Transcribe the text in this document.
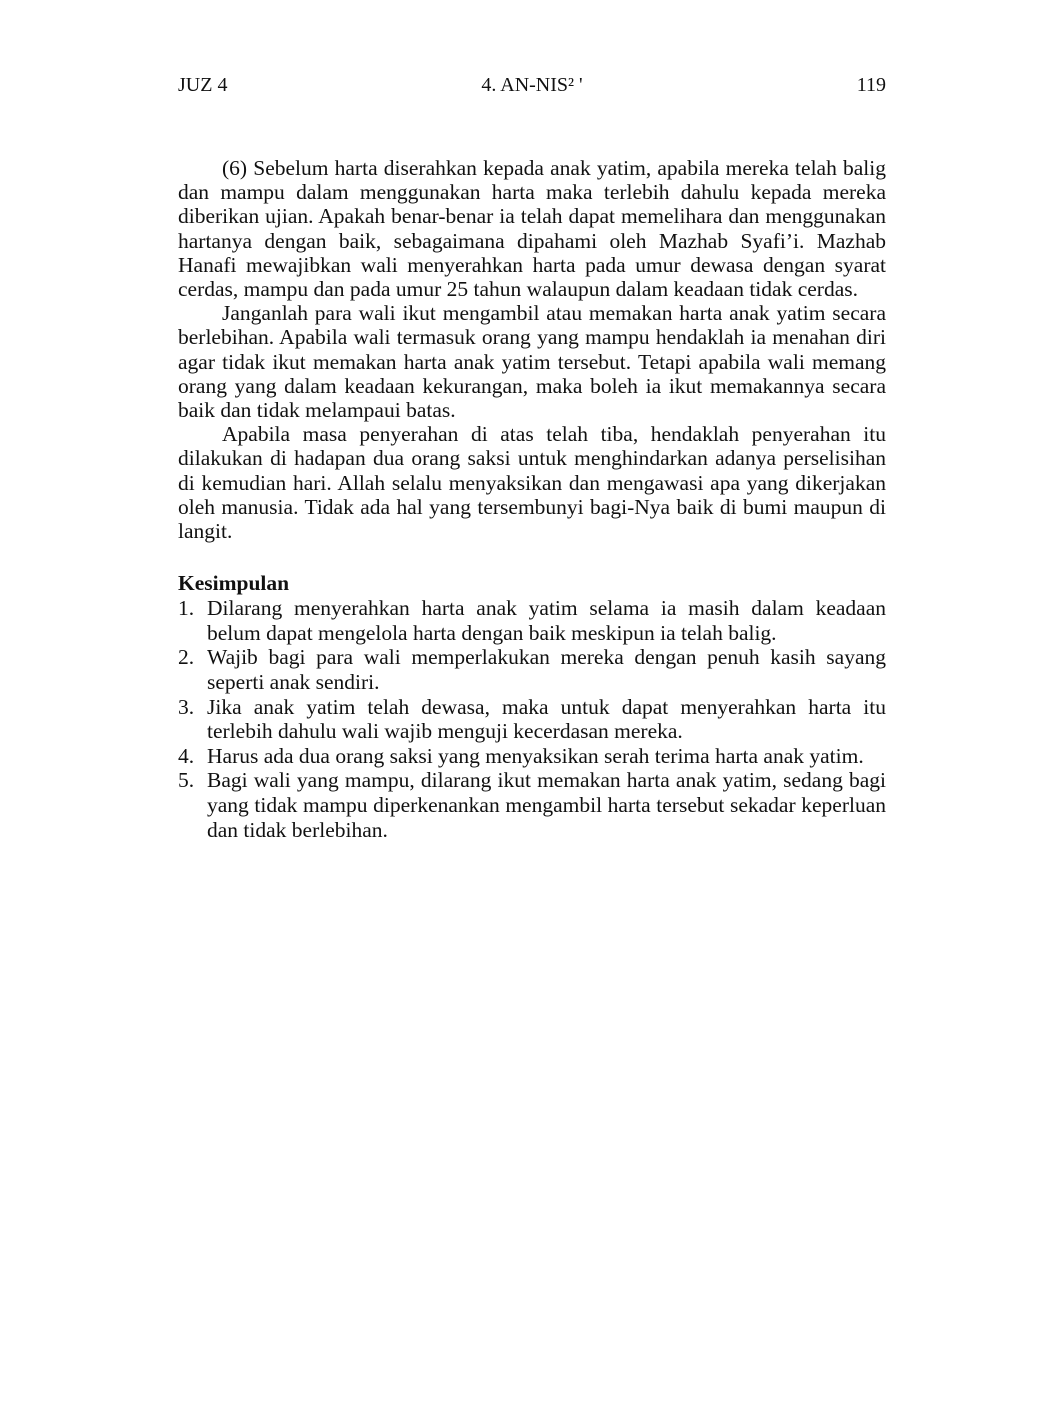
JUZ 4	4. AN-NIS² '	119

(6) Sebelum harta diserahkan kepada anak yatim, apabila mereka telah balig dan mampu dalam menggunakan harta maka terlebih dahulu kepada mereka diberikan ujian. Apakah benar-benar ia telah dapat memelihara dan menggunakan hartanya dengan baik, sebagaimana dipahami oleh Mazhab Syafi’i. Mazhab Hanafi mewajibkan wali menyerahkan harta pada umur dewasa dengan syarat cerdas, mampu dan pada umur 25 tahun walaupun dalam keadaan tidak cerdas.

Janganlah para wali ikut mengambil atau memakan harta anak yatim secara berlebihan. Apabila wali termasuk orang yang mampu hendaklah ia menahan diri agar tidak ikut memakan harta anak yatim tersebut. Tetapi apabila wali memang orang yang dalam keadaan kekurangan, maka boleh ia ikut memakannya secara baik dan tidak melampaui batas.

Apabila masa penyerahan di atas telah tiba, hendaklah penyerahan itu dilakukan di hadapan dua orang saksi untuk menghindarkan adanya perselisihan di kemudian hari. Allah selalu menyaksikan dan mengawasi apa yang dikerjakan oleh manusia. Tidak ada hal yang tersembunyi bagi-Nya baik di bumi maupun di langit.

Kesimpulan
1. Dilarang menyerahkan harta anak yatim selama ia masih dalam keadaan belum dapat mengelola harta dengan baik meskipun ia telah balig.
2. Wajib bagi para wali memperlakukan mereka dengan penuh kasih sayang seperti anak sendiri.
3. Jika anak yatim telah dewasa, maka untuk dapat menyerahkan harta itu terlebih dahulu wali wajib menguji kecerdasan mereka.
4. Harus ada dua orang saksi yang menyaksikan serah terima harta anak yatim.
5. Bagi wali yang mampu, dilarang ikut memakan harta anak yatim, sedang bagi yang tidak mampu diperkenankan mengambil harta tersebut sekadar keperluan dan tidak berlebihan.
